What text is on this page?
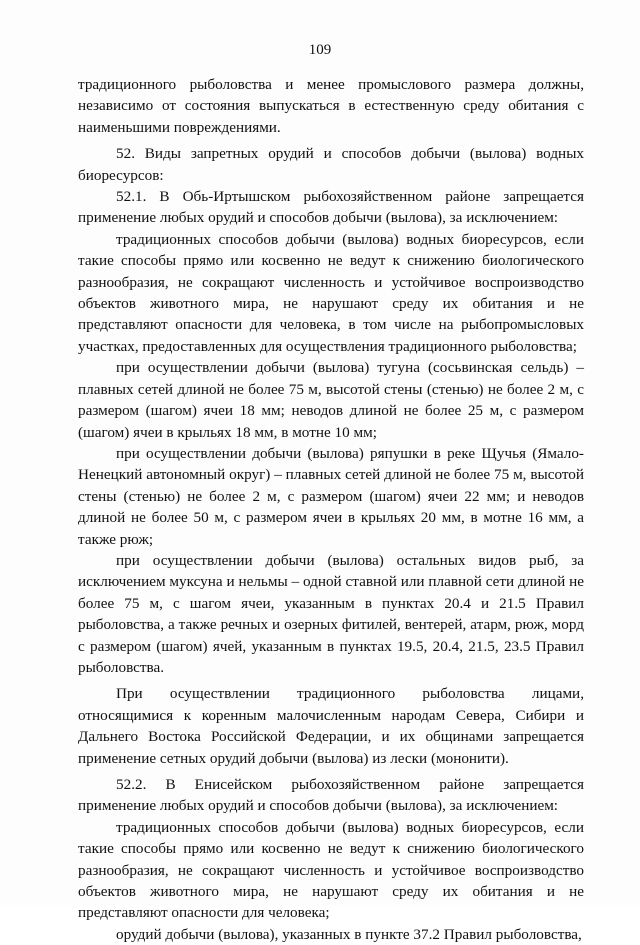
109

традиционного рыболовства и менее промыслового размера должны, независимо от состояния выпускаться в естественную среду обитания с наименьшими повреждениями.

52. Виды запретных орудий и способов добычи (вылова) водных биоресурсов:

52.1. В Обь-Иртышском рыбохозяйственном районе запрещается применение любых орудий и способов добычи (вылова), за исключением:

традиционных способов добычи (вылова) водных биоресурсов, если такие способы прямо или косвенно не ведут к снижению биологического разнообразия, не сокращают численность и устойчивое воспроизводство объектов животного мира, не нарушают среду их обитания и не представляют опасности для человека, в том числе на рыбопромысловых участках, предоставленных для осуществления традиционного рыболовства;

при осуществлении добычи (вылова) тугуна (сосьвинская сельдь) – плавных сетей длиной не более 75 м, высотой стены (стенью) не более 2 м, с размером (шагом) ячеи 18 мм; неводов длиной не более 25 м, с размером (шагом) ячеи в крыльях 18 мм, в мотне 10 мм;

при осуществлении добычи (вылова) ряпушки в реке Щучья (Ямало-Ненецкий автономный округ) – плавных сетей длиной не более 75 м, высотой стены (стенью) не более 2 м, с размером (шагом) ячеи 22 мм; и неводов длиной не более 50 м, с размером ячеи в крыльях 20 мм, в мотне 16 мм, а также рюж;

при осуществлении добычи (вылова) остальных видов рыб, за исключением муксуна и нельмы – одной ставной или плавной сети длиной не более 75 м, с шагом ячеи, указанным в пунктах 20.4 и 21.5 Правил рыболовства, а также речных и озерных фитилей, вентерей, атарм, рюж, морд с размером (шагом) ячей, указанным в пунктах 19.5, 20.4, 21.5, 23.5 Правил рыболовства.

При осуществлении традиционного рыболовства лицами, относящимися к коренным малочисленным народам Севера, Сибири и Дальнего Востока Российской Федерации, и их общинами запрещается применение сетных орудий добычи (вылова) из лески (мононити).

52.2. В Енисейском рыбохозяйственном районе запрещается применение любых орудий и способов добычи (вылова), за исключением:

традиционных способов добычи (вылова) водных биоресурсов, если такие способы прямо или косвенно не ведут к снижению биологического разнообразия, не сокращают численность и устойчивое воспроизводство объектов животного мира, не нарушают среду их обитания и не представляют опасности для человека;

орудий добычи (вылова), указанных в пункте 37.2 Правил рыболовства,
